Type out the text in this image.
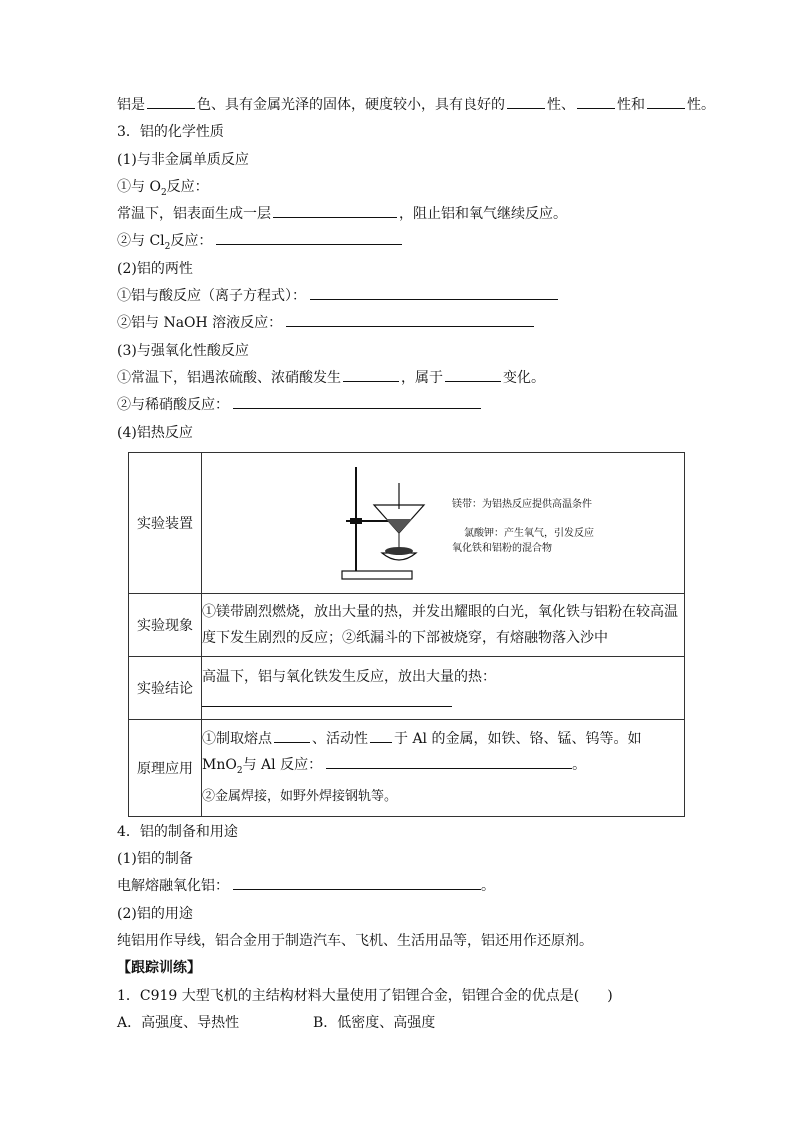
铝是	色、具有金属光泽的固体，硬度较小，具有良好的	性、	性和	性。
3．铝的化学性质
(1)与非金属单质反应
①与 $O_2$反应：
常温下，铝表面生成一层	，阻止铝和氧气继续反应。
②与 $Cl_2$反应：
(2)铝的两性
①铝与酸反应（离子方程式）：
②铝与 NaOH 溶液反应：
(3)与强氧化性酸反应
①常温下，铝遇浓硫酸、浓硝酸发生	，属于	变化。
②与稀硝酸反应：
(4)铝热反应
实验装置	镁带：为铝热反应提供高温条件
氯酸钾：产生氧气，引发反应
氧化铁和铝粉的混合物

实验现象	①镁带剧烈燃烧，放出大量的热，并发出耀眼的白光，氧化铁与铝粉在较高温度下发生剧烈的反应；②纸漏斗的下部被烧穿，有熔融物落入沙中
实验结论	高温下，铝与氧化铁发生反应，放出大量的热：

原理应用	①制取熔点 、活动性 于 Al 的金属，如铁、铬、锰、钨等。如
MnO$_2$与 Al 反应： 。
②金属焊接，如野外焊接钢轨等。
4．铝的制备和用途
(1)铝的制备
电解熔融氧化铝：	。
(2)铝的用途
纯铝用作导线，铝合金用于制造汽车、飞机、生活用品等，铝还用作还原剂。
【跟踪训练】
1．C919 大型飞机的主结构材料大量使用了铝锂合金，铝锂合金的优点是(　　)
A．高强度、导热性	B．低密度、高强度
